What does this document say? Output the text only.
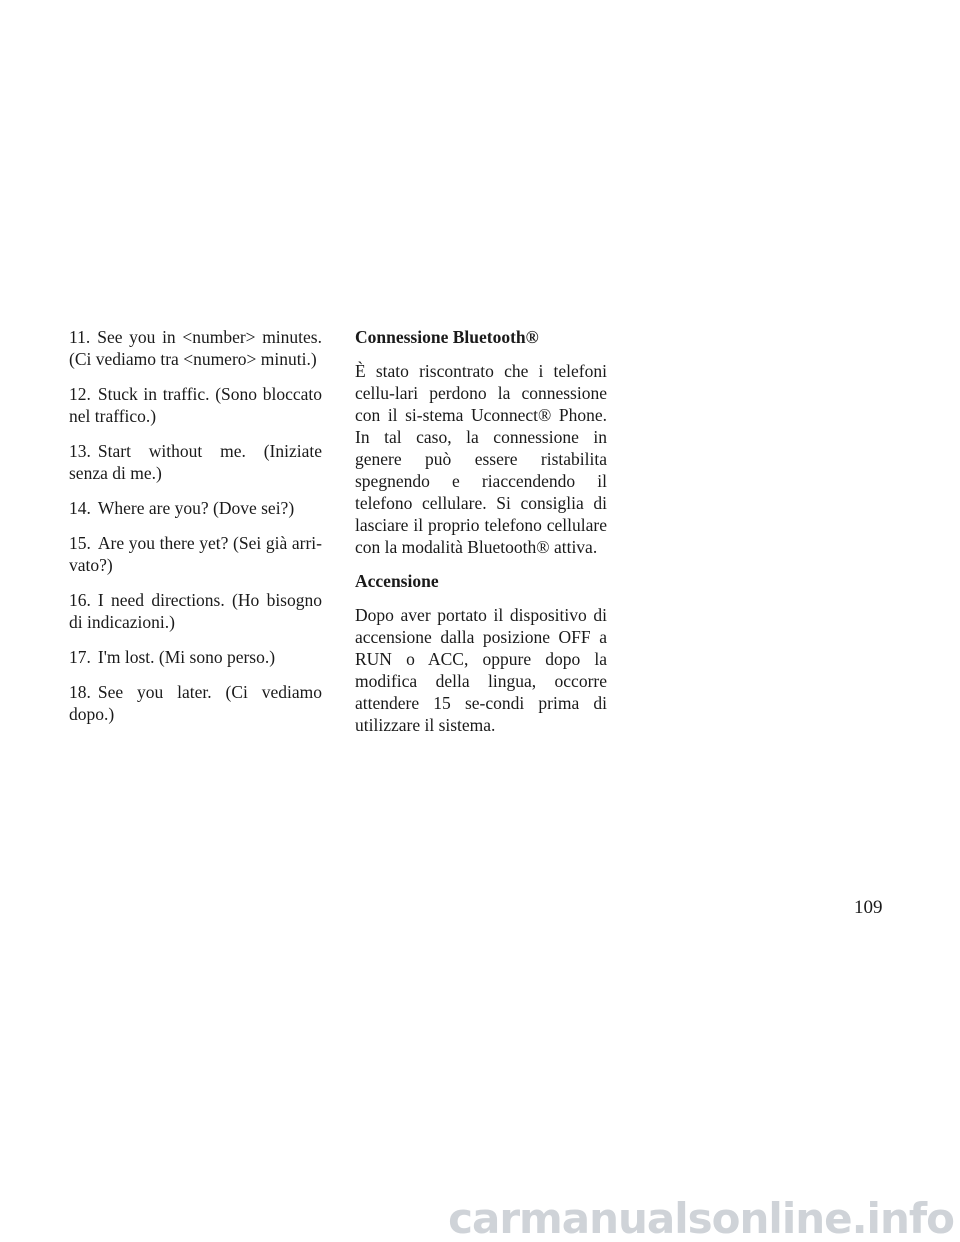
11. See you in <number> minutes. (Ci vediamo tra <numero> minuti.)

12. Stuck in traffic. (Sono bloccato nel traffico.)

13. Start without me. (Iniziate senza di me.)

14. Where are you? (Dove sei?)

15. Are you there yet? (Sei già arri-vato?)

16. I need directions. (Ho bisogno di indicazioni.)

17. I'm lost. (Mi sono perso.)

18. See you later. (Ci vediamo dopo.)

Connessione Bluetooth®

È stato riscontrato che i telefoni cellu-lari perdono la connessione con il si-stema Uconnect® Phone. In tal caso, la connessione in genere può essere ristabilita spegnendo e riaccendendo il telefono cellulare. Si consiglia di lasciare il proprio telefono cellulare con la modalità Bluetooth® attiva.

Accensione

Dopo aver portato il dispositivo di accensione dalla posizione OFF a RUN o ACC, oppure dopo la modifica della lingua, occorre attendere 15 se-condi prima di utilizzare il sistema.

109
carmanualsonline.info
